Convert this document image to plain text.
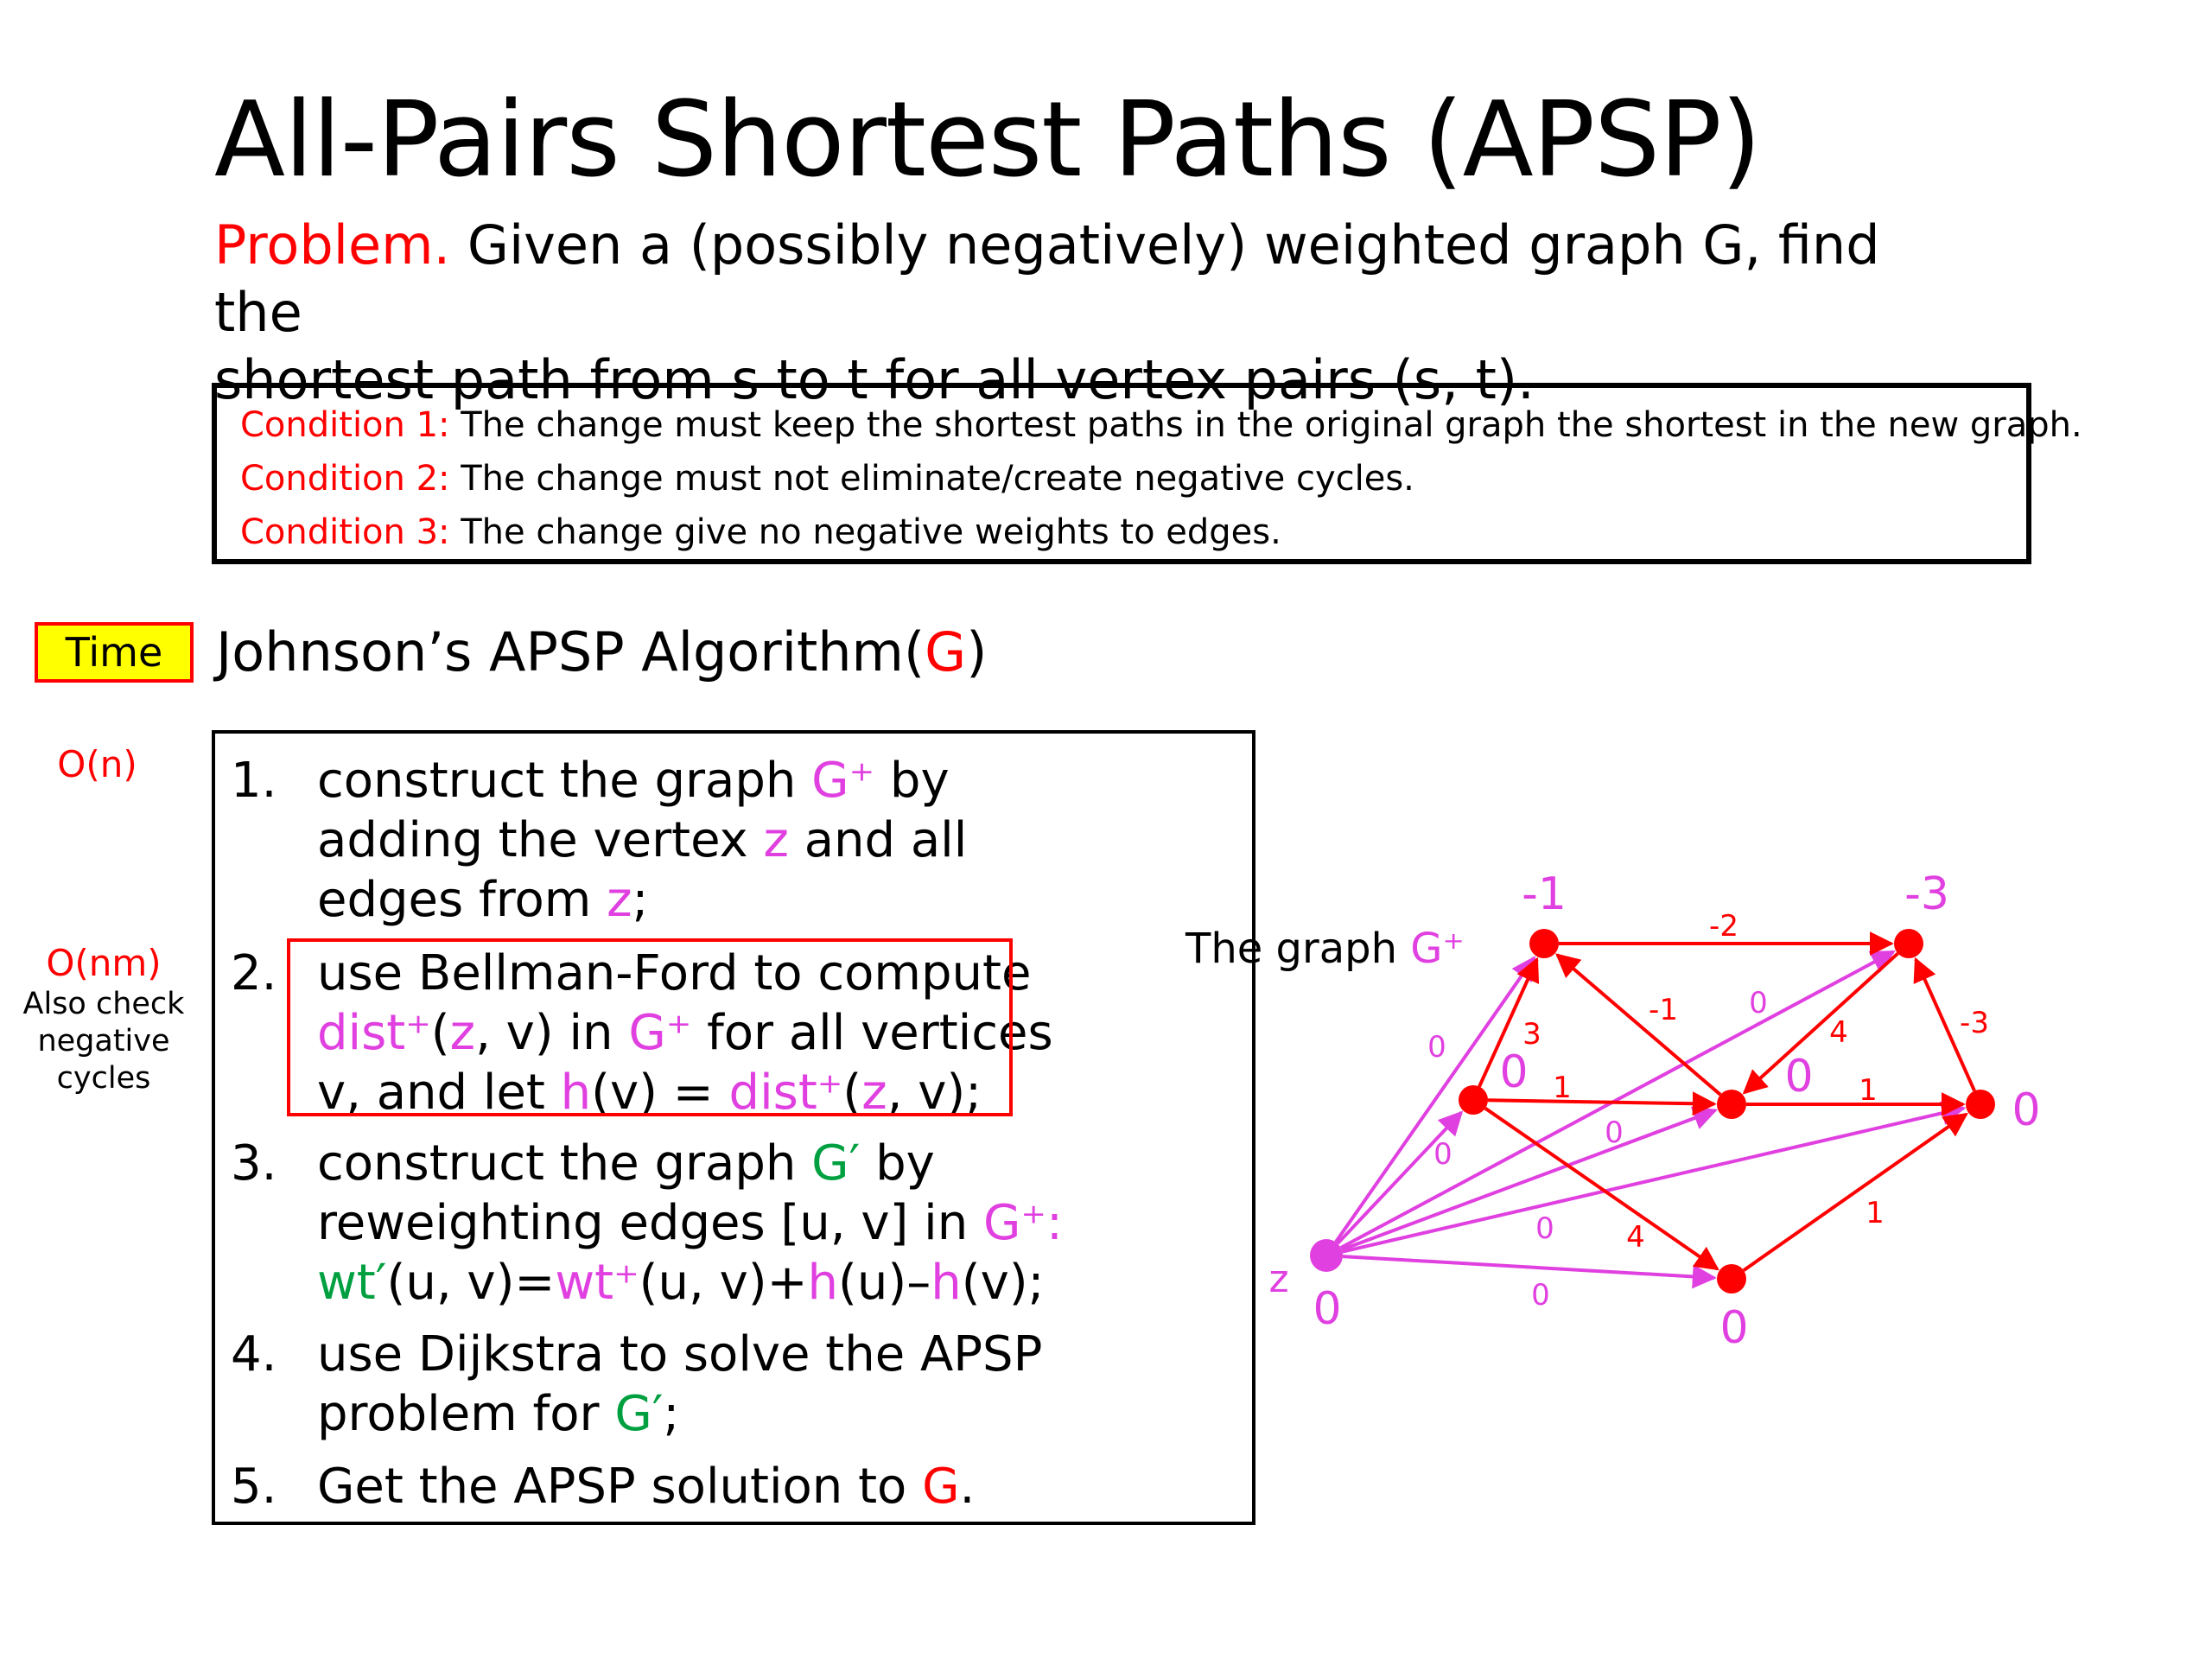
All-Pairs Shortest Paths (APSP)
Problem. Given a (possibly negatively) weighted graph G, find the
shortest path from s to t for all vertex pairs (s, t).
Condition 1: The change must keep the shortest paths in the original graph the shortest in the new graph.
Condition 2: The change must not eliminate/create negative cycles.
Condition 3: The change give no negative weights to edges.
Time Johnson’s APSP Algorithm(G)
O(n)
O(nm)
Also check
negative
cycles
1. construct the graph G⁺ by
adding the vertex z and all
edges from z;
2. use Bellman-Ford to compute
dist⁺(z, v) in G⁺ for all vertices
v, and let h(v) = dist⁺(z, v);
3. construct the graph G′ by
reweighting edges [u, v] in G⁺:
wt′(u, v)=wt⁺(u, v)+h(u)–h(v);
4. use Dijkstra to solve the APSP
problem for G′;
5. Get the APSP solution to G.
The graph G⁺
-1	-3
0	0
0
0
0
z
-2
3
-1
4	-3
1	1
4
1
0
0
0
0
0
0
